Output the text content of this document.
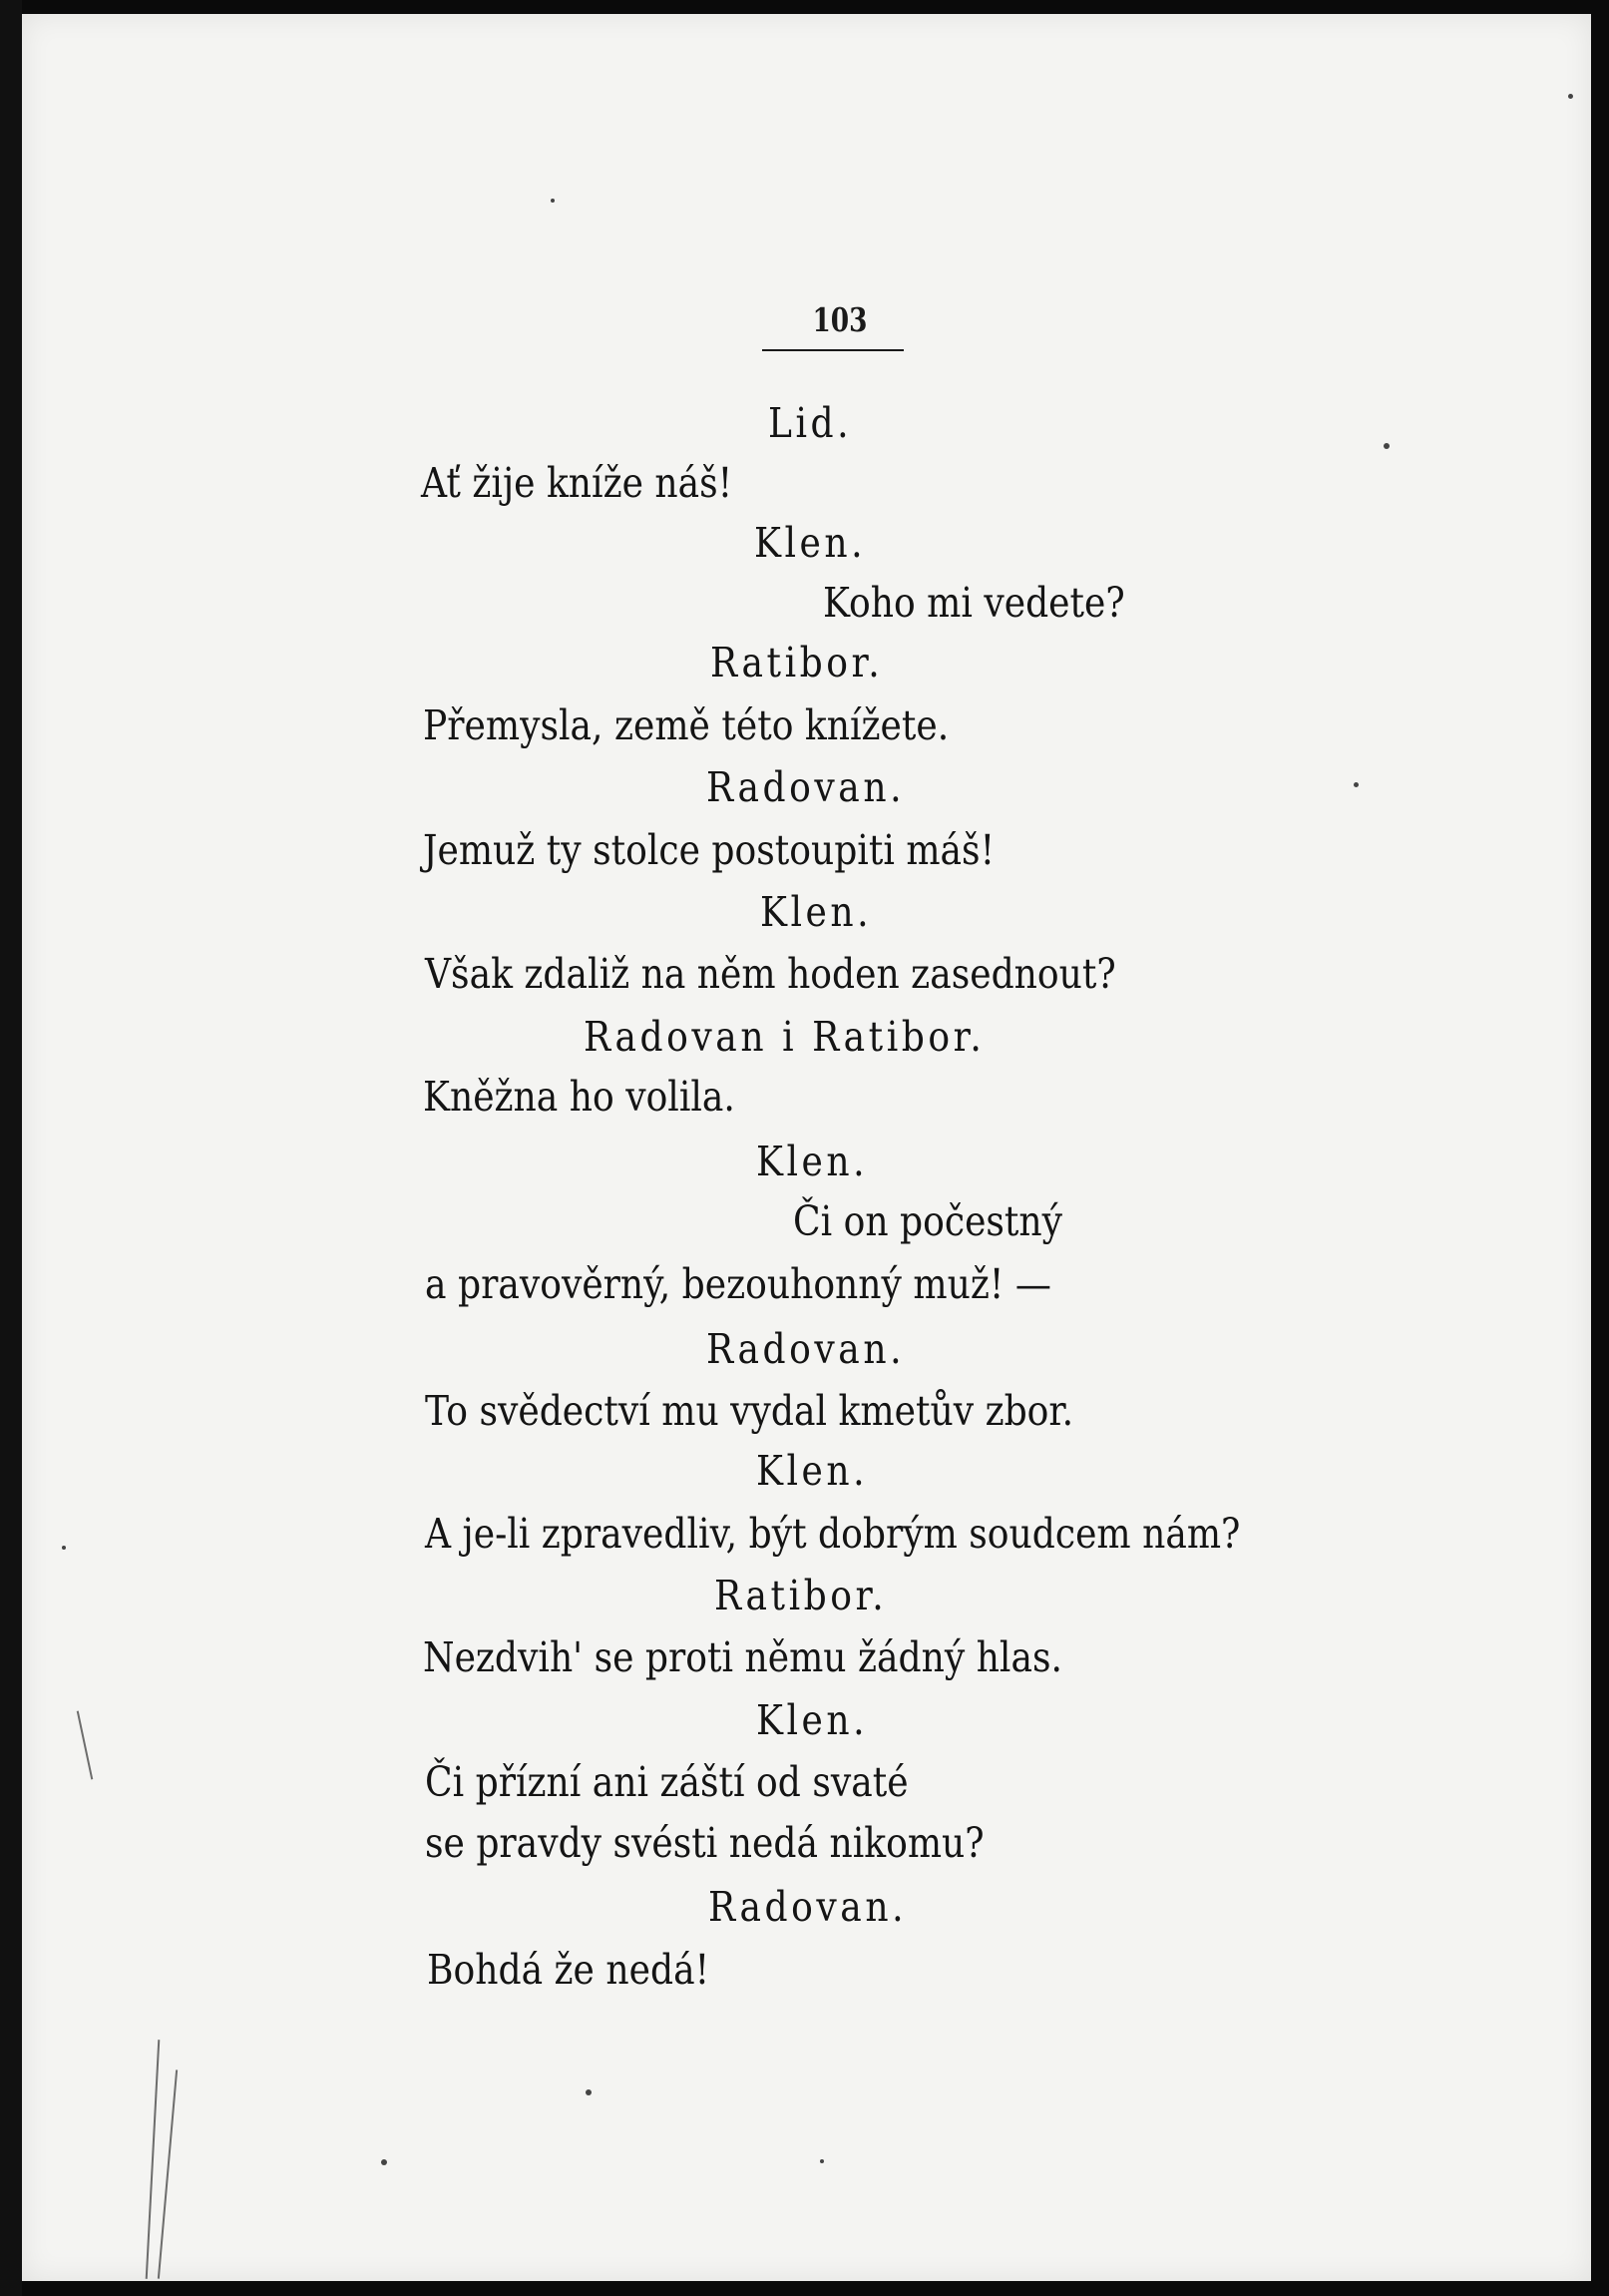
103
Lid.
Ať žije kníže náš!
Klen.
Koho mi vedete?
Ratibor.
Přemysla, země této knížete.
Radovan.
Jemuž ty stolce postoupiti máš!
Klen.
Však zdaliž na něm hoden zasednout?
Radovan i Ratibor.
Kněžna ho volila.
Klen.
Či on počestný
a pravověrný, bezouhonný muž! —
Radovan.
To svědectví mu vydal kmetův zbor.
Klen.
A je-li zpravedliv, být dobrým soudcem nám?
Ratibor.
Nezdvih' se proti němu žádný hlas.
Klen.
Či přízní ani záští od svaté
se pravdy svésti nedá nikomu?
Radovan.
Bohdá že nedá!
